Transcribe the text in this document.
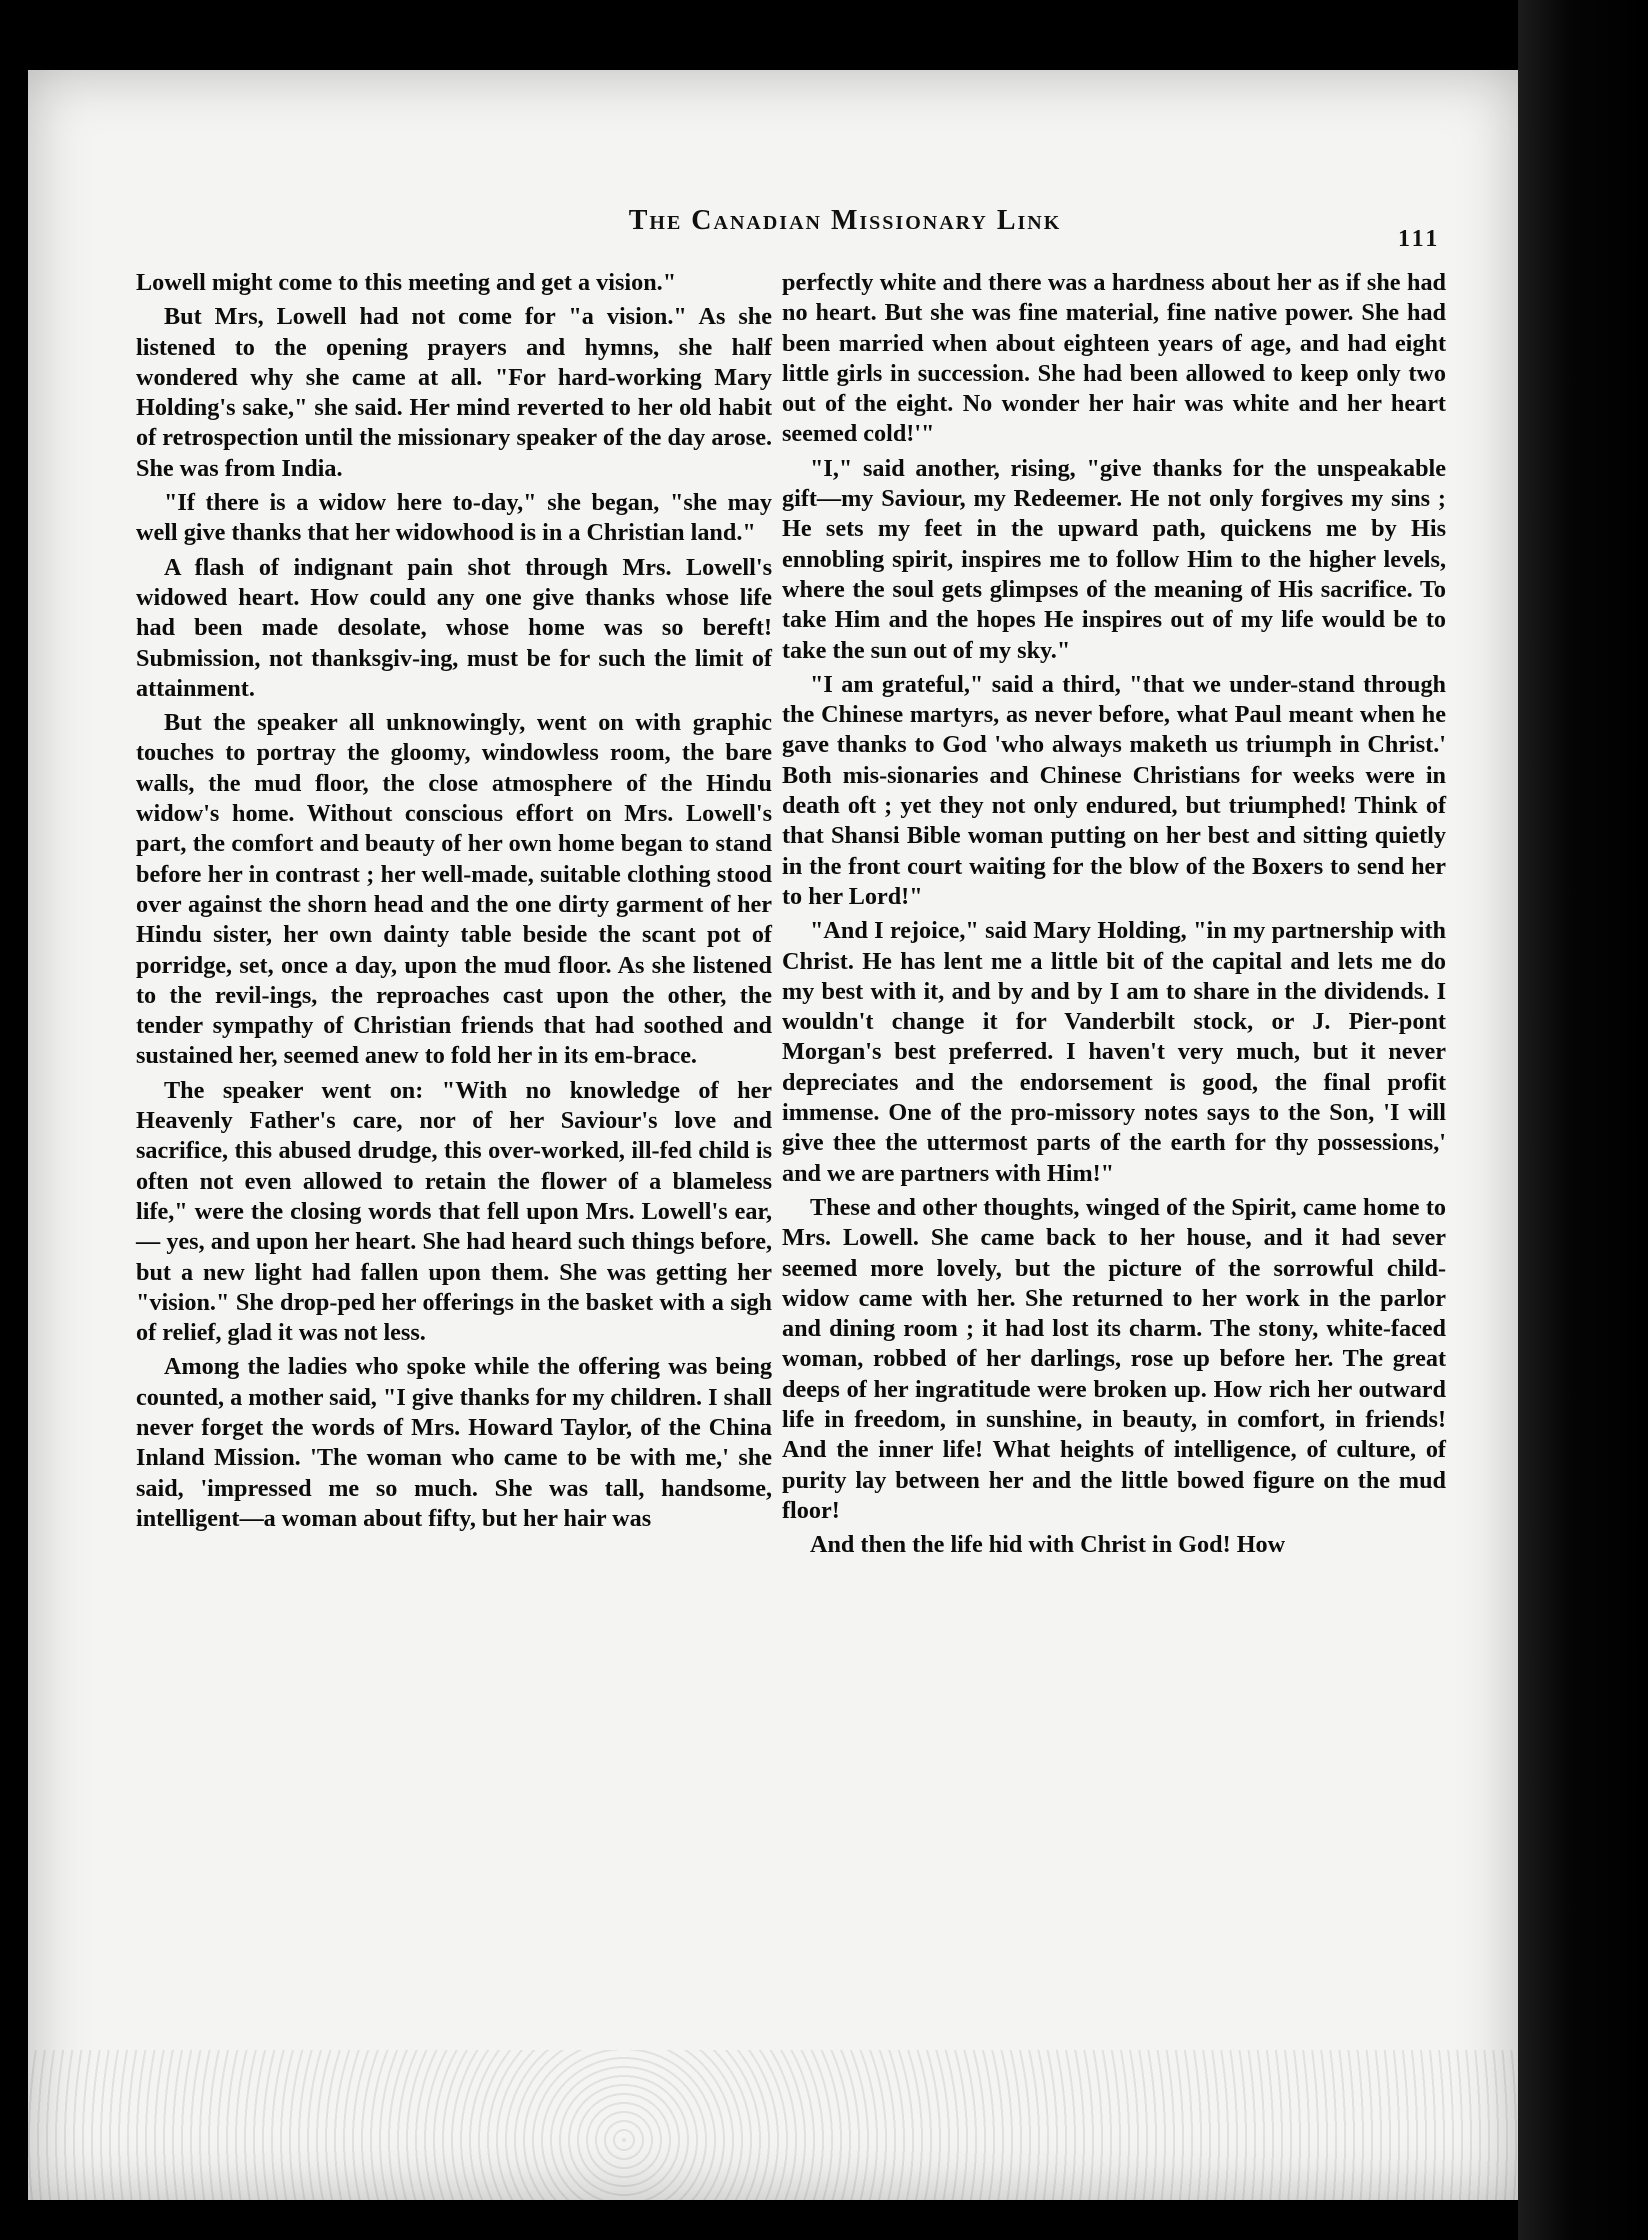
The Canadian Missionary Link
111

Lowell might come to this meeting and get a vision."

But Mrs, Lowell had not come for "a vision." As she listened to the opening prayers and hymns, she half wondered why she came at all. "For hard-working Mary Holding's sake," she said. Her mind reverted to her old habit of retrospection until the missionary speaker of the day arose. She was from India.

"If there is a widow here to-day," she began, "she may well give thanks that her widowhood is in a Christian land."

A flash of indignant pain shot through Mrs. Lowell's widowed heart. How could any one give thanks whose life had been made desolate, whose home was so bereft! Submission, not thanksgiv-ing, must be for such the limit of attainment.

But the speaker all unknowingly, went on with graphic touches to portray the gloomy, windowless room, the bare walls, the mud floor, the close atmosphere of the Hindu widow's home. Without conscious effort on Mrs. Lowell's part, the comfort and beauty of her own home began to stand before her in contrast ; her well-made, suitable clothing stood over against the shorn head and the one dirty garment of her Hindu sister, her own dainty table beside the scant pot of porridge, set, once a day, upon the mud floor. As she listened to the revil-ings, the reproaches cast upon the other, the tender sympathy of Christian friends that had soothed and sustained her, seemed anew to fold her in its em-brace.

The speaker went on: "With no knowledge of her Heavenly Father's care, nor of her Saviour's love and sacrifice, this abused drudge, this over-worked, ill-fed child is often not even allowed to retain the flower of a blameless life," were the closing words that fell upon Mrs. Lowell's ear,— yes, and upon her heart. She had heard such things before, but a new light had fallen upon them. She was getting her "vision." She drop-ped her offerings in the basket with a sigh of relief, glad it was not less.

Among the ladies who spoke while the offering was being counted, a mother said, "I give thanks for my children. I shall never forget the words of Mrs. Howard Taylor, of the China Inland Mission. 'The woman who came to be with me,' she said, 'impressed me so much. She was tall, handsome, intelligent—a woman about fifty, but her hair was

perfectly white and there was a hardness about her as if she had no heart. But she was fine material, fine native power. She had been married when about eighteen years of age, and had eight little girls in succession. She had been allowed to keep only two out of the eight. No wonder her hair was white and her heart seemed cold!'"

"I," said another, rising, "give thanks for the unspeakable gift—my Saviour, my Redeemer. He not only forgives my sins ; He sets my feet in the upward path, quickens me by His ennobling spirit, inspires me to follow Him to the higher levels, where the soul gets glimpses of the meaning of His sacrifice. To take Him and the hopes He inspires out of my life would be to take the sun out of my sky."

"I am grateful," said a third, "that we under-stand through the Chinese martyrs, as never before, what Paul meant when he gave thanks to God 'who always maketh us triumph in Christ.' Both mis-sionaries and Chinese Christians for weeks were in death oft ; yet they not only endured, but triumphed! Think of that Shansi Bible woman putting on her best and sitting quietly in the front court waiting for the blow of the Boxers to send her to her Lord!"

"And I rejoice," said Mary Holding, "in my partnership with Christ. He has lent me a little bit of the capital and lets me do my best with it, and by and by I am to share in the dividends. I wouldn't change it for Vanderbilt stock, or J. Pier-pont Morgan's best preferred. I haven't very much, but it never depreciates and the endorsement is good, the final profit immense. One of the pro-missory notes says to the Son, 'I will give thee the uttermost parts of the earth for thy possessions,' and we are partners with Him!"

These and other thoughts, winged of the Spirit, came home to Mrs. Lowell. She came back to her house, and it had sever seemed more lovely, but the picture of the sorrowful child-widow came with her. She returned to her work in the parlor and dining room ; it had lost its charm. The stony, white-faced woman, robbed of her darlings, rose up before her. The great deeps of her ingratitude were broken up. How rich her outward life in freedom, in sunshine, in beauty, in comfort, in friends! And the inner life! What heights of intelligence, of culture, of purity lay between her and the little bowed figure on the mud floor!

And then the life hid with Christ in God! How
